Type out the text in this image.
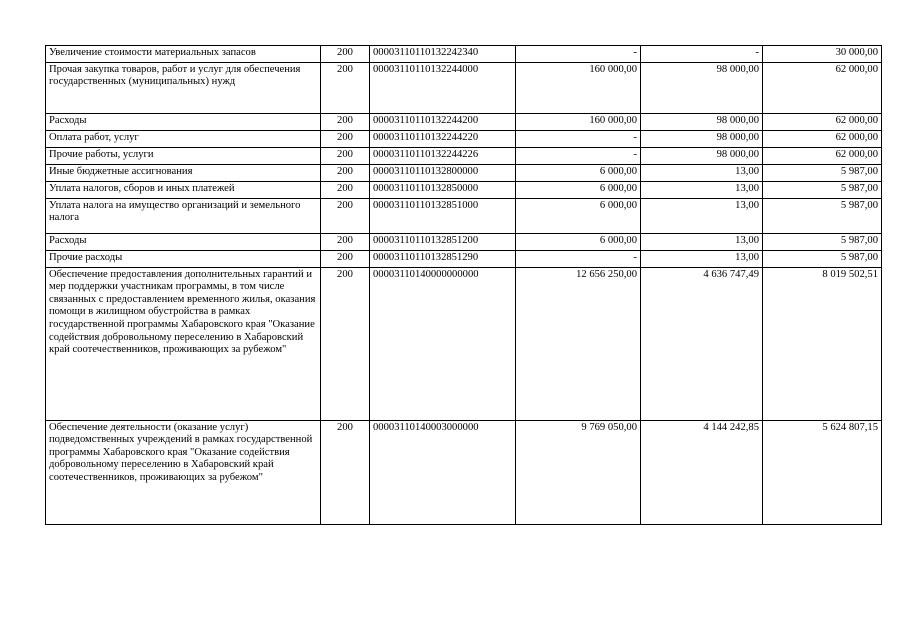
Увеличение стоимости материальных запасов	200	00003110110132242340	-	-	30 000,00
Прочая закупка товаров, работ и услуг для обеспечения государственных (муниципальных) нужд	200	00003110110132244000	160 000,00	98 000,00	62 000,00
Расходы	200	00003110110132244200	160 000,00	98 000,00	62 000,00
Оплата работ, услуг	200	00003110110132244220	-	98 000,00	62 000,00
Прочие работы, услуги	200	00003110110132244226	-	98 000,00	62 000,00
Иные бюджетные ассигнования	200	00003110110132800000	6 000,00	13,00	5 987,00
Уплата налогов, сборов и иных платежей	200	00003110110132850000	6 000,00	13,00	5 987,00
Уплата налога на имущество организаций и земельного налога	200	00003110110132851000	6 000,00	13,00	5 987,00
Расходы	200	00003110110132851200	6 000,00	13,00	5 987,00
Прочие расходы	200	00003110110132851290	-	13,00	5 987,00
Обеспечение предоставления дополнительных гарантий и мер поддержки участникам программы, в том числе связанных с предоставлением временного жилья, оказания помощи в жилищном обустройства в рамках государственной программы Хабаровского края "Оказание содействия добровольному переселению в Хабаровский край соотечественников, проживающих за рубежом"	200	00003110140000000000	12 656 250,00	4 636 747,49	8 019 502,51
Обеспечение деятельности (оказание услуг) подведомственных учреждений в рамках государственной программы Хабаровского края "Оказание содействия добровольному переселению в Хабаровский край соотечественников, проживающих за рубежом"	200	00003110140003000000	9 769 050,00	4 144 242,85	5 624 807,15
